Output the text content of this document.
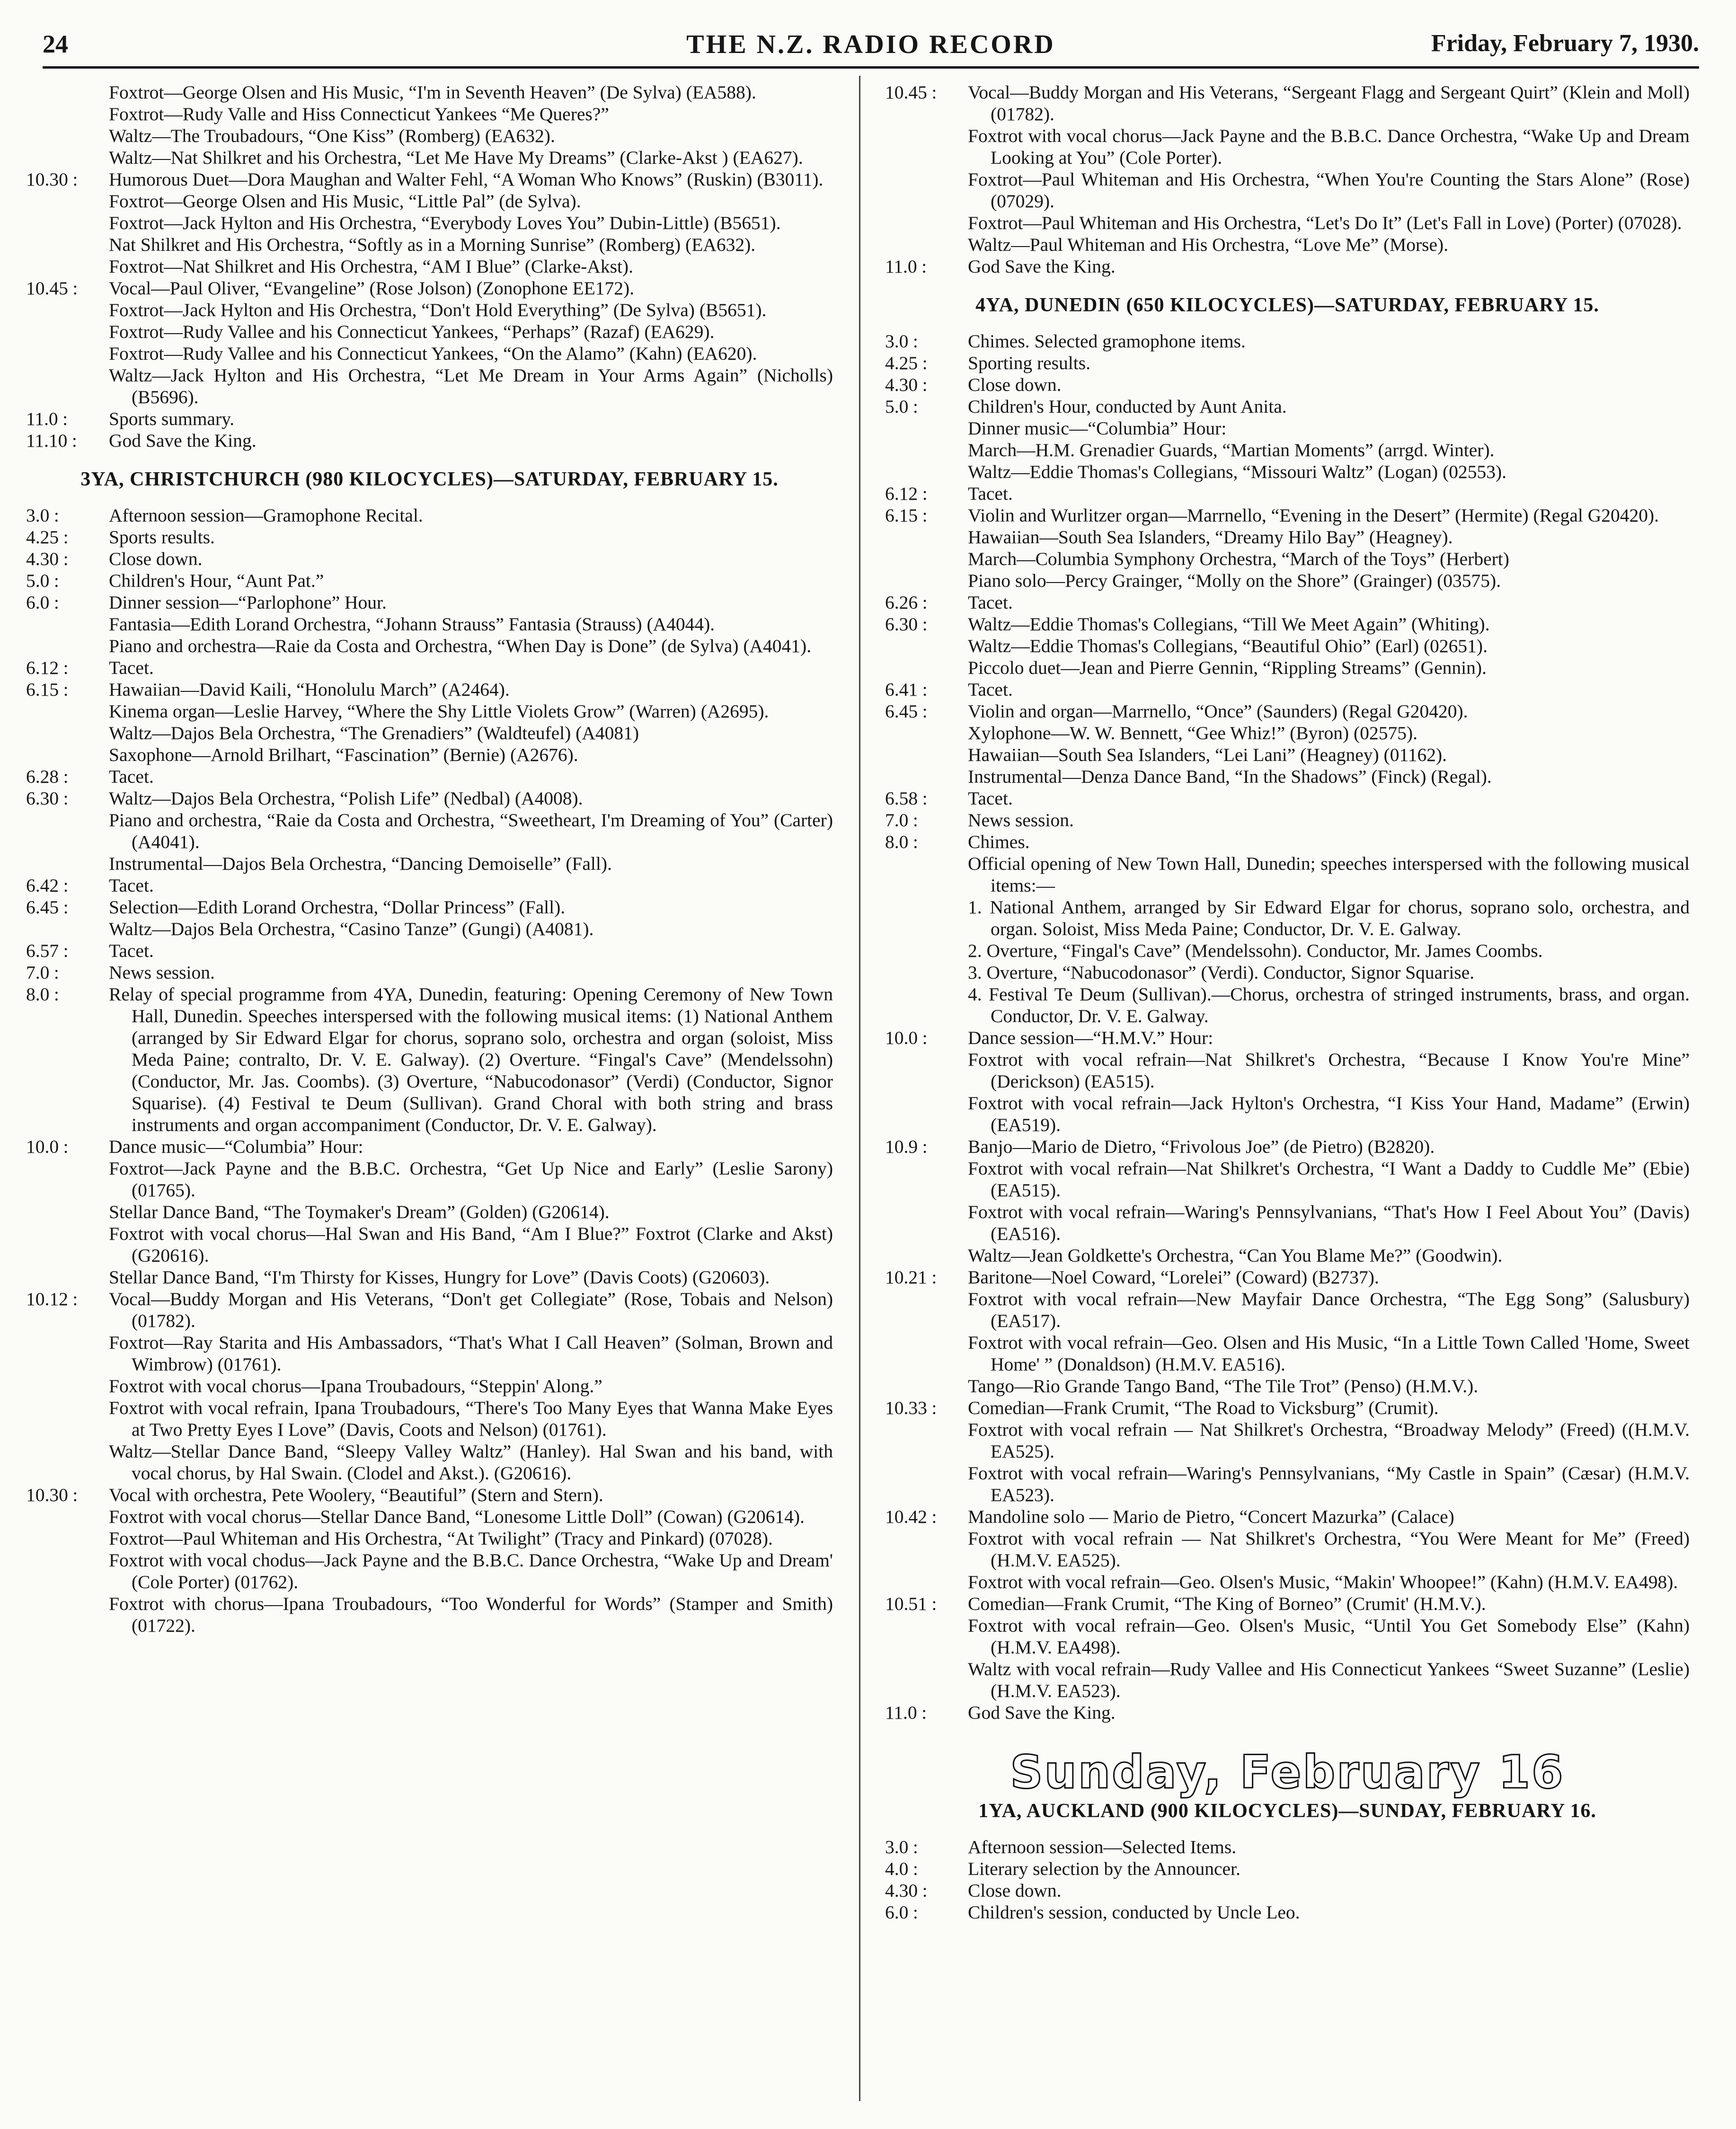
24	THE N.Z. RADIO RECORD	Friday, February 7, 1930.
Foxtrot—George Olsen and His Music, “I'm in Seventh Heaven” (De Sylva) (EA588).
Foxtrot—Rudy Valle and Hiss Connecticut Yankees “Me Queres?”
Waltz—The Troubadours, “One Kiss” (Romberg) (EA632).
Waltz—Nat Shilkret and his Orchestra, “Let Me Have My Dreams” (Clarke-Akst ) (EA627).
10.30 :	Humorous Duet—Dora Maughan and Walter Fehl, “A Woman Who Knows” (Ruskin) (B3011).
Foxtrot—George Olsen and His Music, “Little Pal” (de Sylva).
Foxtrot—Jack Hylton and His Orchestra, “Everybody Loves You” Dubin-Little) (B5651).
Nat Shilkret and His Orchestra, “Softly as in a Morning Sunrise” (Romberg) (EA632).
Foxtrot—Nat Shilkret and His Orchestra, “AM I Blue” (Clarke-Akst).
10.45 :	Vocal—Paul Oliver, “Evangeline” (Rose Jolson) (Zonophone EE172).
Foxtrot—Jack Hylton and His Orchestra, “Don't Hold Everything” (De Sylva) (B5651).
Foxtrot—Rudy Vallee and his Connecticut Yankees, “Perhaps” (Razaf) (EA629).
Foxtrot—Rudy Vallee and his Connecticut Yankees, “On the Alamo” (Kahn) (EA620).
Waltz—Jack Hylton and His Orchestra, “Let Me Dream in Your Arms Again” (Nicholls) (B5696).
11.0 :	Sports summary.
11.10 :	God Save the King.
3YA, CHRISTCHURCH (980 KILOCYCLES)—SATURDAY, FEBRUARY 15.
3.0 :	Afternoon session—Gramophone Recital.
4.25 :	Sports results.
4.30 :	Close down.
5.0 :	Children's Hour, “Aunt Pat.”
6.0 :	Dinner session—“Parlophone” Hour.
Fantasia—Edith Lorand Orchestra, “Johann Strauss” Fantasia (Strauss) (A4044).
Piano and orchestra—Raie da Costa and Orchestra, “When Day is Done” (de Sylva) (A4041).
6.12 :	Tacet.
6.15 :	Hawaiian—David Kaili, “Honolulu March” (A2464).
Kinema organ—Leslie Harvey, “Where the Shy Little Violets Grow” (Warren) (A2695).
Waltz—Dajos Bela Orchestra, “The Grenadiers” (Waldteufel) (A4081)
Saxophone—Arnold Brilhart, “Fascination” (Bernie) (A2676).
6.28 :	Tacet.
6.30 :	Waltz—Dajos Bela Orchestra, “Polish Life” (Nedbal) (A4008).
Piano and orchestra, “Raie da Costa and Orchestra, “Sweetheart, I'm Dreaming of You” (Carter) (A4041).
Instrumental—Dajos Bela Orchestra, “Dancing Demoiselle” (Fall).
6.42 :	Tacet.
6.45 :	Selection—Edith Lorand Orchestra, “Dollar Princess” (Fall).
Waltz—Dajos Bela Orchestra, “Casino Tanze” (Gungi) (A4081).
6.57 :	Tacet.
7.0 :	News session.
8.0 :	Relay of special programme from 4YA, Dunedin, featuring: Opening Ceremony of New Town Hall, Dunedin. Speeches interspersed with the following musical items: (1) National Anthem (arranged by Sir Edward Elgar for chorus, soprano solo, orchestra and organ (soloist, Miss Meda Paine; contralto, Dr. V. E. Galway). (2) Overture. “Fingal's Cave” (Mendelssohn) (Conductor, Mr. Jas. Coombs). (3) Overture, “Nabucodonasor” (Verdi) (Conductor, Signor Squarise). (4) Festival te Deum (Sullivan). Grand Choral with both string and brass instruments and organ accompaniment (Conductor, Dr. V. E. Galway).
10.0 :	Dance music—“Columbia” Hour:
Foxtrot—Jack Payne and the B.B.C. Orchestra, “Get Up Nice and Early” (Leslie Sarony) (01765).
Stellar Dance Band, “The Toymaker's Dream” (Golden) (G20614).
Foxtrot with vocal chorus—Hal Swan and His Band, “Am I Blue?” Foxtrot (Clarke and Akst) (G20616).
Stellar Dance Band, “I'm Thirsty for Kisses, Hungry for Love” (Davis Coots) (G20603).
10.12 :	Vocal—Buddy Morgan and His Veterans, “Don't get Collegiate” (Rose, Tobais and Nelson) (01782).
Foxtrot—Ray Starita and His Ambassadors, “That's What I Call Heaven” (Solman, Brown and Wimbrow) (01761).
Foxtrot with vocal chorus—Ipana Troubadours, “Steppin' Along.”
Foxtrot with vocal refrain, Ipana Troubadours, “There's Too Many Eyes that Wanna Make Eyes at Two Pretty Eyes I Love” (Davis, Coots and Nelson) (01761).
Waltz—Stellar Dance Band, “Sleepy Valley Waltz” (Hanley). Hal Swan and his band, with vocal chorus, by Hal Swain. (Clodel and Akst.). (G20616).
10.30 :	Vocal with orchestra, Pete Woolery, “Beautiful” (Stern and Stern).
Foxtrot with vocal chorus—Stellar Dance Band, “Lonesome Little Doll” (Cowan) (G20614).
Foxtrot—Paul Whiteman and His Orchestra, “At Twilight” (Tracy and Pinkard) (07028).
Foxtrot with vocal chodus—Jack Payne and the B.B.C. Dance Orchestra, “Wake Up and Dream' (Cole Porter) (01762).
Foxtrot with chorus—Ipana Troubadours, “Too Wonderful for Words” (Stamper and Smith) (01722).
10.45 :	Vocal—Buddy Morgan and His Veterans, “Sergeant Flagg and Sergeant Quirt” (Klein and Moll) (01782).
Foxtrot with vocal chorus—Jack Payne and the B.B.C. Dance Orchestra, “Wake Up and Dream Looking at You” (Cole Porter).
Foxtrot—Paul Whiteman and His Orchestra, “When You're Counting the Stars Alone” (Rose) (07029).
Foxtrot—Paul Whiteman and His Orchestra, “Let's Do It” (Let's Fall in Love) (Porter) (07028).
Waltz—Paul Whiteman and His Orchestra, “Love Me” (Morse).
11.0 :	God Save the King.
4YA, DUNEDIN (650 KILOCYCLES)—SATURDAY, FEBRUARY 15.
3.0 :	Chimes. Selected gramophone items.
4.25 :	Sporting results.
4.30 :	Close down.
5.0 :	Children's Hour, conducted by Aunt Anita.
Dinner music—“Columbia” Hour:
March—H.M. Grenadier Guards, “Martian Moments” (arrgd. Winter).
Waltz—Eddie Thomas's Collegians, “Missouri Waltz” (Logan) (02553).
6.12 :	Tacet.
6.15 :	Violin and Wurlitzer organ—Marrnello, “Evening in the Desert” (Hermite) (Regal G20420).
Hawaiian—South Sea Islanders, “Dreamy Hilo Bay” (Heagney).
March—Columbia Symphony Orchestra, “March of the Toys” (Herbert)
Piano solo—Percy Grainger, “Molly on the Shore” (Grainger) (03575).
6.26 :	Tacet.
6.30 :	Waltz—Eddie Thomas's Collegians, “Till We Meet Again” (Whiting).
Waltz—Eddie Thomas's Collegians, “Beautiful Ohio” (Earl) (02651).
Piccolo duet—Jean and Pierre Gennin, “Rippling Streams” (Gennin).
6.41 :	Tacet.
6.45 :	Violin and organ—Marrnello, “Once” (Saunders) (Regal G20420).
Xylophone—W. W. Bennett, “Gee Whiz!” (Byron) (02575).
Hawaiian—South Sea Islanders, “Lei Lani” (Heagney) (01162).
Instrumental—Denza Dance Band, “In the Shadows” (Finck) (Regal).
6.58 :	Tacet.
7.0 :	News session.
8.0 :	Chimes.
Official opening of New Town Hall, Dunedin; speeches interspersed with the following musical items:—
1. National Anthem, arranged by Sir Edward Elgar for chorus, soprano solo, orchestra, and organ. Soloist, Miss Meda Paine; Conductor, Dr. V. E. Galway.
2. Overture, “Fingal's Cave” (Mendelssohn). Conductor, Mr. James Coombs.
3. Overture, “Nabucodonasor” (Verdi). Conductor, Signor Squarise.
4. Festival Te Deum (Sullivan).—Chorus, orchestra of stringed instruments, brass, and organ. Conductor, Dr. V. E. Galway.
10.0 :	Dance session—“H.M.V.” Hour:
Foxtrot with vocal refrain—Nat Shilkret's Orchestra, “Because I Know You're Mine” (Derickson) (EA515).
Foxtrot with vocal refrain—Jack Hylton's Orchestra, “I Kiss Your Hand, Madame” (Erwin) (EA519).
10.9 :	Banjo—Mario de Dietro, “Frivolous Joe” (de Pietro) (B2820).
Foxtrot with vocal refrain—Nat Shilkret's Orchestra, “I Want a Daddy to Cuddle Me” (Ebie) (EA515).
Foxtrot with vocal refrain—Waring's Pennsylvanians, “That's How I Feel About You” (Davis) (EA516).
Waltz—Jean Goldkette's Orchestra, “Can You Blame Me?” (Goodwin).
10.21 :	Baritone—Noel Coward, “Lorelei” (Coward) (B2737).
Foxtrot with vocal refrain—New Mayfair Dance Orchestra, “The Egg Song” (Salusbury) (EA517).
Foxtrot with vocal refrain—Geo. Olsen and His Music, “In a Little Town Called 'Home, Sweet Home' ” (Donaldson) (H.M.V. EA516).
Tango—Rio Grande Tango Band, “The Tile Trot” (Penso) (H.M.V.).
10.33 :	Comedian—Frank Crumit, “The Road to Vicksburg” (Crumit).
Foxtrot with vocal refrain — Nat Shilkret's Orchestra, “Broadway Melody” (Freed) ((H.M.V. EA525).
Foxtrot with vocal refrain—Waring's Pennsylvanians, “My Castle in Spain” (Cæsar) (H.M.V. EA523).
10.42 :	Mandoline solo — Mario de Pietro, “Concert Mazurka” (Calace)
Foxtrot with vocal refrain — Nat Shilkret's Orchestra, “You Were Meant for Me” (Freed) (H.M.V. EA525).
Foxtrot with vocal refrain—Geo. Olsen's Music, “Makin' Whoopee!” (Kahn) (H.M.V. EA498).
10.51 :	Comedian—Frank Crumit, “The King of Borneo” (Crumit' (H.M.V.).
Foxtrot with vocal refrain—Geo. Olsen's Music, “Until You Get Somebody Else” (Kahn) (H.M.V. EA498).
Waltz with vocal refrain—Rudy Vallee and His Connecticut Yankees “Sweet Suzanne” (Leslie) (H.M.V. EA523).
11.0 :	God Save the King.
Sunday, February 16
1YA, AUCKLAND (900 KILOCYCLES)—SUNDAY, FEBRUARY 16.
3.0 :	Afternoon session—Selected Items.
4.0 :	Literary selection by the Announcer.
4.30 :	Close down.
6.0 :	Children's session, conducted by Uncle Leo.
